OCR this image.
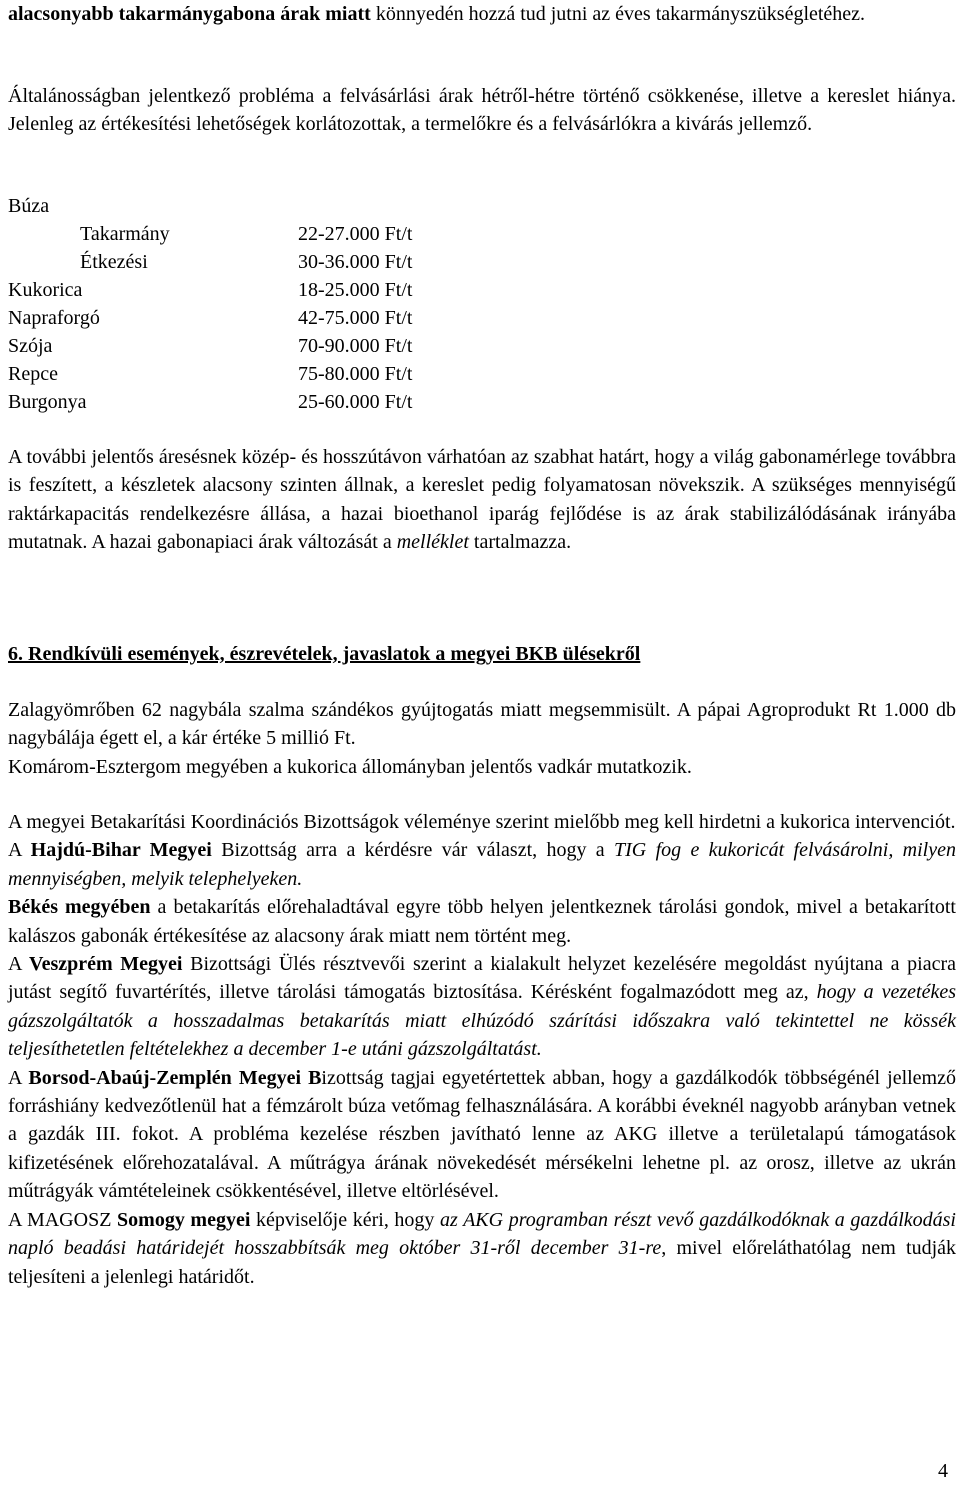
alacsonyabb takarmánygabona árak miatt könnyedén hozzá tud jutni az éves takarmányszükségletéhez.

Általánosságban jelentkező probléma a felvásárlási árak hétről-hétre történő csökkenése, illetve a kereslet hiánya. Jelenleg az értékesítési lehetőségek korlátozottak, a termelőkre és a felvásárlókra a kivárás jellemző.

Búza
Takarmány	22-27.000 Ft/t
Étkezési	30-36.000 Ft/t
Kukorica	18-25.000 Ft/t
Napraforgó	42-75.000 Ft/t
Szója	70-90.000 Ft/t
Repce	75-80.000 Ft/t
Burgonya	25-60.000 Ft/t

A további jelentős áresésnek közép- és hosszútávon várhatóan az szabhat határt, hogy a világ gabonamérlege továbbra is feszített, a készletek alacsony szinten állnak, a kereslet pedig folyamatosan növekszik. A szükséges mennyiségű raktárkapacitás rendelkezésre állása, a hazai bioethanol iparág fejlődése is az árak stabilizálódásának irányába mutatnak. A hazai gabonapiaci árak változását a melléklet tartalmazza.

6. Rendkívüli események, észrevételek, javaslatok a megyei BKB ülésekről

Zalagyömrőben 62 nagybála szalma szándékos gyújtogatás miatt megsemmisült. A pápai Agroprodukt Rt 1.000 db nagybálája égett el, a kár értéke 5 millió Ft.

Komárom-Esztergom megyében a kukorica állományban jelentős vadkár mutatkozik.

A megyei Betakarítási Koordinációs Bizottságok véleménye szerint mielőbb meg kell hirdetni a kukorica intervenciót.

A Hajdú-Bihar Megyei Bizottság arra a kérdésre vár választ, hogy a TIG fog e kukoricát felvásárolni, milyen mennyiségben, melyik telephelyeken.

Békés megyében a betakarítás előrehaladtával egyre több helyen jelentkeznek tárolási gondok, mivel a betakarított kalászos gabonák értékesítése az alacsony árak miatt nem történt meg.

A Veszprém Megyei Bizottsági Ülés résztvevői szerint a kialakult helyzet kezelésére megoldást nyújtana a piacra jutást segítő fuvartérítés, illetve tárolási támogatás biztosítása. Kérésként fogalmazódott meg az, hogy a vezetékes gázszolgáltatók a hosszadalmas betakarítás miatt elhúzódó szárítási időszakra való tekintettel ne kössék teljesíthetetlen feltételekhez a december 1-e utáni gázszolgáltatást.

A Borsod-Abaúj-Zemplén Megyei Bizottság tagjai egyetértettek abban, hogy a gazdálkodók többségénél jellemző forráshiány kedvezőtlenül hat a fémzárolt búza vetőmag felhasználására. A korábbi éveknél nagyobb arányban vetnek a gazdák III. fokot. A probléma kezelése részben javítható lenne az AKG illetve a területalapú támogatások kifizetésének előrehozatalával. A műtrágya árának növekedését mérsékelni lehetne pl. az orosz, illetve az ukrán műtrágyák vámtételeinek csökkentésével, illetve eltörlésével.

A MAGOSZ Somogy megyei képviselője kéri, hogy az AKG programban részt vevő gazdálkodóknak a gazdálkodási napló beadási határidejét hosszabbítsák meg október 31-ről december 31-re, mivel előreláthatólag nem tudják teljesíteni a jelenlegi határidőt.

4
